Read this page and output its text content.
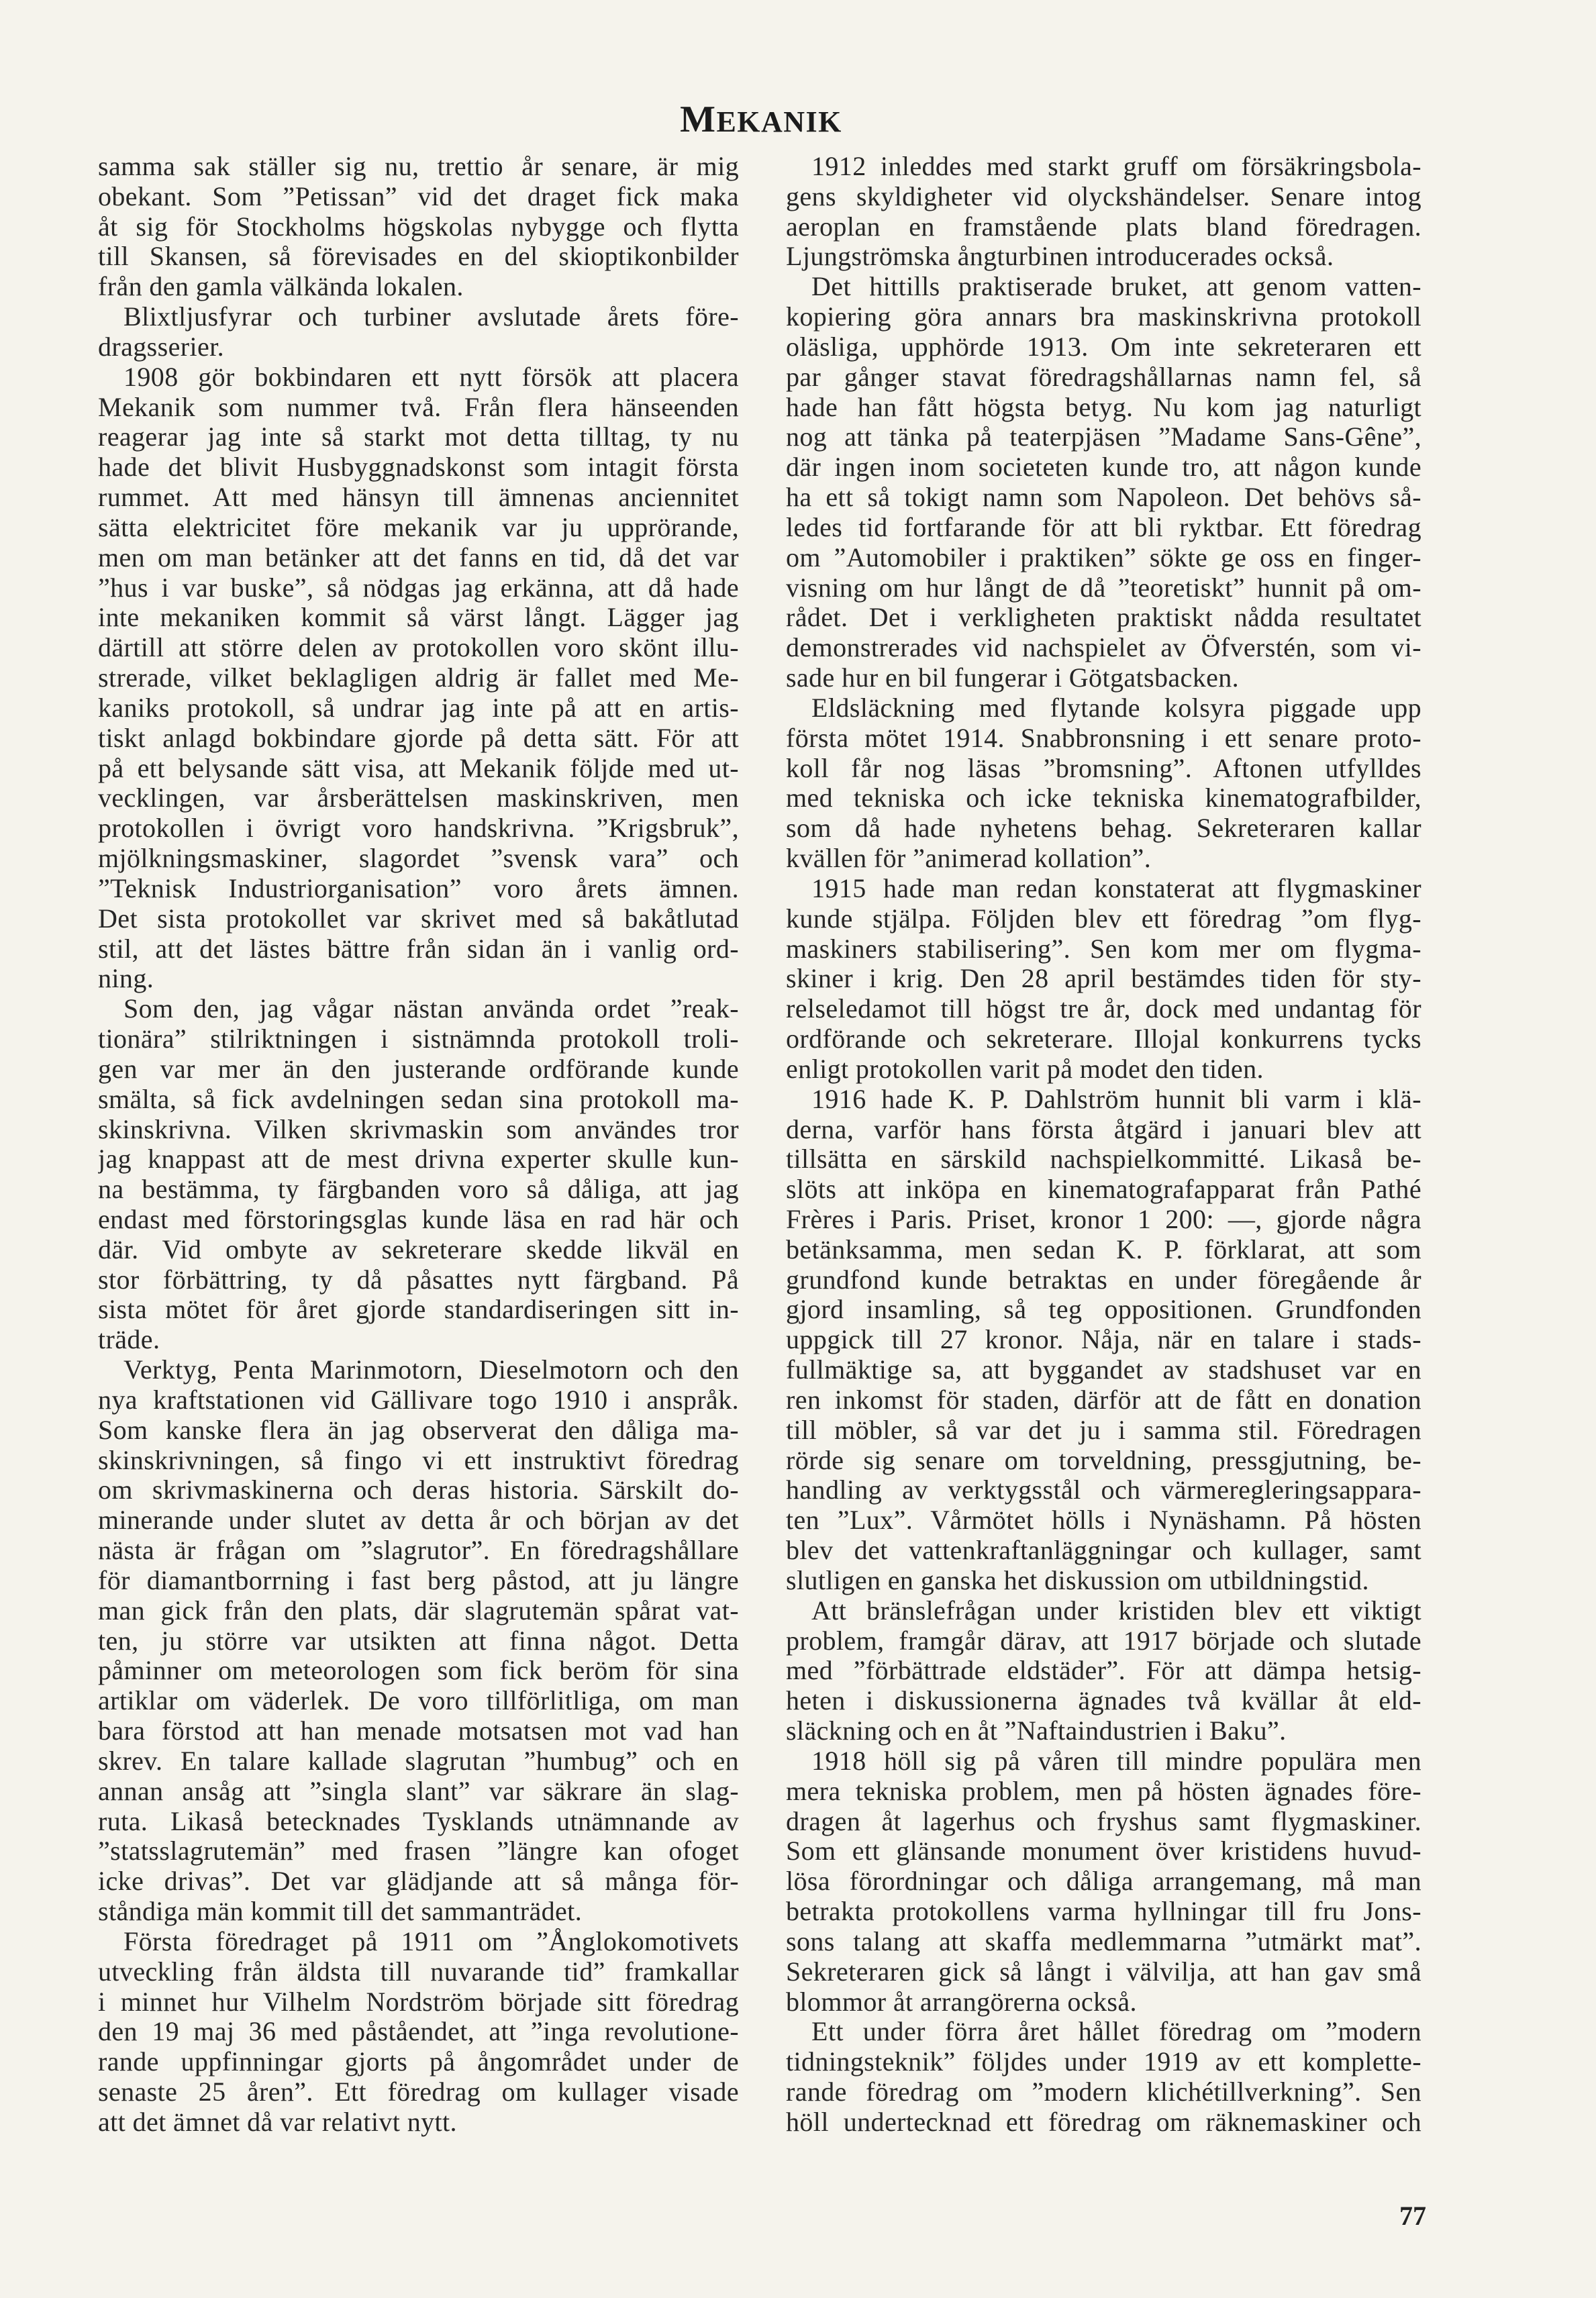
MEKANIK
samma sak ställer sig nu, trettio år senare, är mig
obekant. Som ”Petissan” vid det draget fick maka
åt sig för Stockholms högskolas nybygge och flytta
till Skansen, så förevisades en del skioptikonbilder
från den gamla välkända lokalen.
Blixtljusfyrar och turbiner avslutade årets före-
dragsserier.
1908 gör bokbindaren ett nytt försök att placera
Mekanik som nummer två. Från flera hänseenden
reagerar jag inte så starkt mot detta tilltag, ty nu
hade det blivit Husbyggnadskonst som intagit första
rummet. Att med hänsyn till ämnenas anciennitet
sätta elektricitet före mekanik var ju upprörande,
men om man betänker att det fanns en tid, då det var
”hus i var buske”, så nödgas jag erkänna, att då hade
inte mekaniken kommit så värst långt. Lägger jag
därtill att större delen av protokollen voro skönt illu-
strerade, vilket beklagligen aldrig är fallet med Me-
kaniks protokoll, så undrar jag inte på att en artis-
tiskt anlagd bokbindare gjorde på detta sätt. För att
på ett belysande sätt visa, att Mekanik följde med ut-
vecklingen, var årsberättelsen maskinskriven, men
protokollen i övrigt voro handskrivna. ”Krigsbruk”,
mjölkningsmaskiner, slagordet ”svensk vara” och
”Teknisk Industriorganisation” voro årets ämnen.
Det sista protokollet var skrivet med så bakåtlutad
stil, att det lästes bättre från sidan än i vanlig ord-
ning.
Som den, jag vågar nästan använda ordet ”reak-
tionära” stilriktningen i sistnämnda protokoll troli-
gen var mer än den justerande ordförande kunde
smälta, så fick avdelningen sedan sina protokoll ma-
skinskrivna. Vilken skrivmaskin som användes tror
jag knappast att de mest drivna experter skulle kun-
na bestämma, ty färgbanden voro så dåliga, att jag
endast med förstoringsglas kunde läsa en rad här och
där. Vid ombyte av sekreterare skedde likväl en
stor förbättring, ty då påsattes nytt färgband. På
sista mötet för året gjorde standardiseringen sitt in-
träde.
Verktyg, Penta Marinmotorn, Dieselmotorn och den
nya kraftstationen vid Gällivare togo 1910 i anspråk.
Som kanske flera än jag observerat den dåliga ma-
skinskrivningen, så fingo vi ett instruktivt föredrag
om skrivmaskinerna och deras historia. Särskilt do-
minerande under slutet av detta år och början av det
nästa är frågan om ”slagrutor”. En föredragshållare
för diamantborrning i fast berg påstod, att ju längre
man gick från den plats, där slagrutemän spårat vat-
ten, ju större var utsikten att finna något. Detta
påminner om meteorologen som fick beröm för sina
artiklar om väderlek. De voro tillförlitliga, om man
bara förstod att han menade motsatsen mot vad han
skrev. En talare kallade slagrutan ”humbug” och en
annan ansåg att ”singla slant” var säkrare än slag-
ruta. Likaså betecknades Tysklands utnämnande av
”statsslagrutemän” med frasen ”längre kan ofoget
icke drivas”. Det var glädjande att så många för-
ståndiga män kommit till det sammanträdet.
Första föredraget på 1911 om ”Ånglokomotivets
utveckling från äldsta till nuvarande tid” framkallar
i minnet hur Vilhelm Nordström började sitt föredrag
den 19 maj 36 med påståendet, att ”inga revolutione-
rande uppfinningar gjorts på ångområdet under de
senaste 25 åren”. Ett föredrag om kullager visade
att det ämnet då var relativt nytt.
1912 inleddes med starkt gruff om försäkringsbola-
gens skyldigheter vid olyckshändelser. Senare intog
aeroplan en framstående plats bland föredragen.
Ljungströmska ångturbinen introducerades också.
Det hittills praktiserade bruket, att genom vatten-
kopiering göra annars bra maskinskrivna protokoll
oläsliga, upphörde 1913. Om inte sekreteraren ett
par gånger stavat föredragshållarnas namn fel, så
hade han fått högsta betyg. Nu kom jag naturligt
nog att tänka på teaterpjäsen ”Madame Sans-Gêne”,
där ingen inom societeten kunde tro, att någon kunde
ha ett så tokigt namn som Napoleon. Det behövs så-
ledes tid fortfarande för att bli ryktbar. Ett föredrag
om ”Automobiler i praktiken” sökte ge oss en finger-
visning om hur långt de då ”teoretiskt” hunnit på om-
rådet. Det i verkligheten praktiskt nådda resultatet
demonstrerades vid nachspielet av Öfverstén, som vi-
sade hur en bil fungerar i Götgatsbacken.
Eldsläckning med flytande kolsyra piggade upp
första mötet 1914. Snabbronsning i ett senare proto-
koll får nog läsas ”bromsning”. Aftonen utfylldes
med tekniska och icke tekniska kinematografbilder,
som då hade nyhetens behag. Sekreteraren kallar
kvällen för ”animerad kollation”.
1915 hade man redan konstaterat att flygmaskiner
kunde stjälpa. Följden blev ett föredrag ”om flyg-
maskiners stabilisering”. Sen kom mer om flygma-
skiner i krig. Den 28 april bestämdes tiden för sty-
relseledamot till högst tre år, dock med undantag för
ordförande och sekreterare. Illojal konkurrens tycks
enligt protokollen varit på modet den tiden.
1916 hade K. P. Dahlström hunnit bli varm i klä-
derna, varför hans första åtgärd i januari blev att
tillsätta en särskild nachspielkommitté. Likaså be-
slöts att inköpa en kinematografapparat från Pathé
Frères i Paris. Priset, kronor 1 200: —, gjorde några
betänksamma, men sedan K. P. förklarat, att som
grundfond kunde betraktas en under föregående år
gjord insamling, så teg oppositionen. Grundfonden
uppgick till 27 kronor. Nåja, när en talare i stads-
fullmäktige sa, att byggandet av stadshuset var en
ren inkomst för staden, därför att de fått en donation
till möbler, så var det ju i samma stil. Föredragen
rörde sig senare om torveldning, pressgjutning, be-
handling av verktygsstål och värmeregleringsappara-
ten ”Lux”. Vårmötet hölls i Nynäshamn. På hösten
blev det vattenkraftanläggningar och kullager, samt
slutligen en ganska het diskussion om utbildningstid.
Att bränslefrågan under kristiden blev ett viktigt
problem, framgår därav, att 1917 började och slutade
med ”förbättrade eldstäder”. För att dämpa hetsig-
heten i diskussionerna ägnades två kvällar åt eld-
släckning och en åt ”Naftaindustrien i Baku”.
1918 höll sig på våren till mindre populära men
mera tekniska problem, men på hösten ägnades före-
dragen åt lagerhus och fryshus samt flygmaskiner.
Som ett glänsande monument över kristidens huvud-
lösa förordningar och dåliga arrangemang, må man
betrakta protokollens varma hyllningar till fru Jons-
sons talang att skaffa medlemmarna ”utmärkt mat”.
Sekreteraren gick så långt i välvilja, att han gav små
blommor åt arrangörerna också.
Ett under förra året hållet föredrag om ”modern
tidningsteknik” följdes under 1919 av ett komplette-
rande föredrag om ”modern klichétillverkning”. Sen
höll undertecknad ett föredrag om räknemaskiner och
77
